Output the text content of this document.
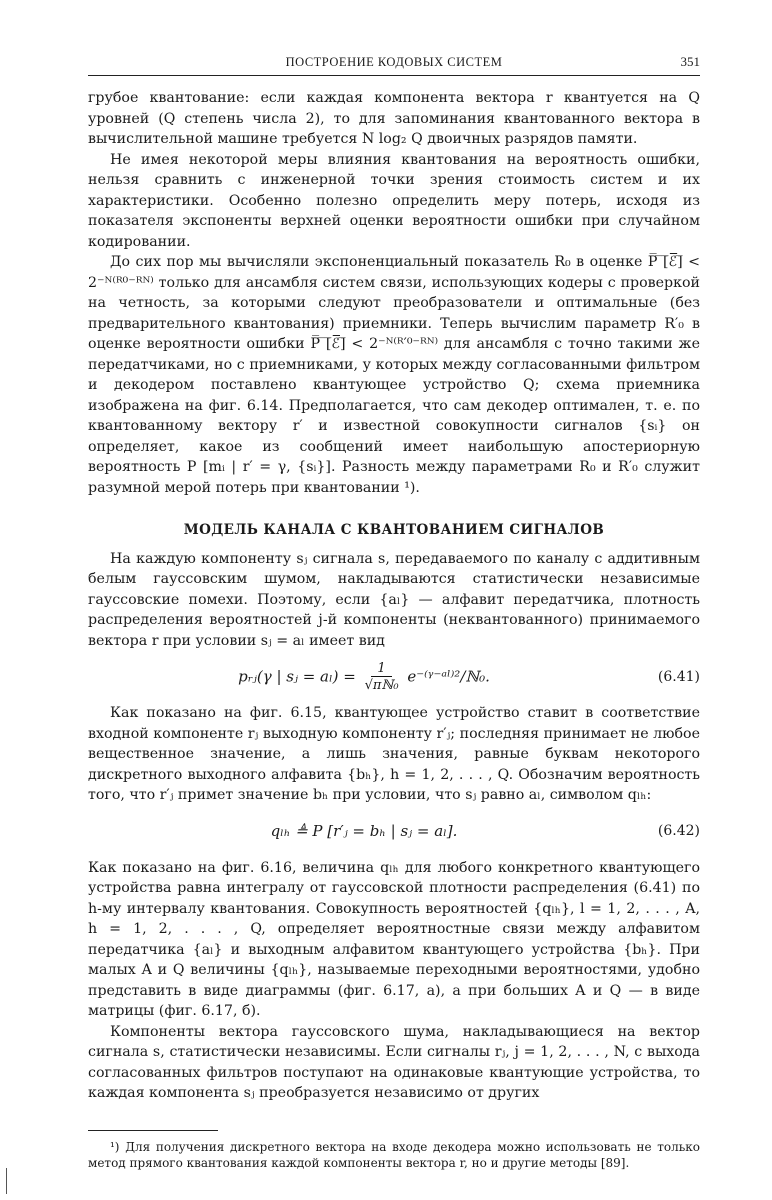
ПОСТРОЕНИЕ КОДОВЫХ СИСТЕМ	351

грубое квантование: если каждая компонента вектора r квантуется на Q уровней (Q степень числа 2), то для запоминания квантованного вектора в вычислительной машине требуется N log₂ Q двоичных разрядов памяти.

Не имея некоторой меры влияния квантования на вероятность ошибки, нельзя сравнить с инженерной точки зрения стоимость систем и их характеристики. Особенно полезно определить меру потерь, исходя из показателя экспоненты верхней оценки вероятности ошибки при случайном кодировании.

До сих пор мы вычисляли экспоненциальный показатель R₀ в оценке P̅ ̅[̅ℰ̅]̅ < 2⁻ᴺ⁽ᴿ⁰⁻ᴿᴺ⁾ только для ансамбля систем связи, использующих кодеры с проверкой на четность, за которыми следуют преобразователи и оптимальные (без предварительного квантования) приемники. Теперь вычислим параметр R′₀ в оценке вероятности ошибки P̅ ̅[̅ℰ̅]̅ < 2⁻ᴺ⁽ᴿ′⁰⁻ᴿᴺ⁾ для ансамбля с точно такими же передатчиками, но с приемниками, у которых между согласованными фильтром и декодером поставлено квантующее устройство Q; схема приемника изображена на фиг. 6.14. Предполагается, что сам декодер оптимален, т. е. по квантованному вектору r′ и известной совокупности сигналов {sᵢ} он определяет, какое из сообщений имеет наибольшую апостериорную вероятность P [mᵢ | r′ = γ, {sᵢ}]. Разность между параметрами R₀ и R′₀ служит разумной мерой потерь при квантовании ¹).

МОДЕЛЬ КАНАЛА С КВАНТОВАНИЕМ СИГНАЛОВ

На каждую компоненту sⱼ сигнала s, передаваемого по каналу с аддитивным белым гауссовским шумом, накладываются статистически независимые гауссовские помехи. Поэтому, если {aₗ} — алфавит передатчика, плотность распределения вероятностей j-й компоненты (неквантованного) принимаемого вектора r при условии sⱼ = aₗ имеет вид

pᵣⱼ(γ | sⱼ = $a_l) = \frac{1}{\text{√πℕ₀}}$ e⁻⁽ᵞ⁻ᵃˡ⁾²/ℕ₀.	(6.41)

Как показано на фиг. 6.15, квантующее устройство ставит в соответствие входной компоненте rⱼ выходную компоненту r′ⱼ; последняя принимает не любое вещественное значение, а лишь значения, равные буквам некоторого дискретного выходного алфавита {bₕ}, h = 1, 2, . . . , Q. Обозначим вероятность того, что r′ⱼ примет значение bₕ при условии, что sⱼ равно aₗ, символом qₗₕ:

qₗₕ ≜ P [r′ⱼ = bₕ | sⱼ = aₗ].	(6.42)

Как показано на фиг. 6.16, величина qₗₕ для любого конкретного квантующего устройства равна интегралу от гауссовской плотности распределения (6.41) по h-му интервалу квантования. Совокупность вероятностей {qₗₕ}, l = 1, 2, . . . , A, h = 1, 2, . . . , Q, определяет вероятностные связи между алфавитом передатчика {aₗ} и выходным алфавитом квантующего устройства {bₕ}. При малых A и Q величины {qₗₕ}, называемые переходными вероятностями, удобно представить в виде диаграммы (фиг. 6.17, а), а при больших A и Q — в виде матрицы (фиг. 6.17, б).

Компоненты вектора гауссовского шума, накладывающиеся на вектор сигнала s, статистически независимы. Если сигналы rⱼ, j = 1, 2, . . . , N, с выхода согласованных фильтров поступают на одинаковые квантующие устройства, то каждая компонента sⱼ преобразуется независимо от других

¹) Для получения дискретного вектора на входе декодера можно использовать не только метод прямого квантования каждой компоненты вектора r, но и другие методы [89].
